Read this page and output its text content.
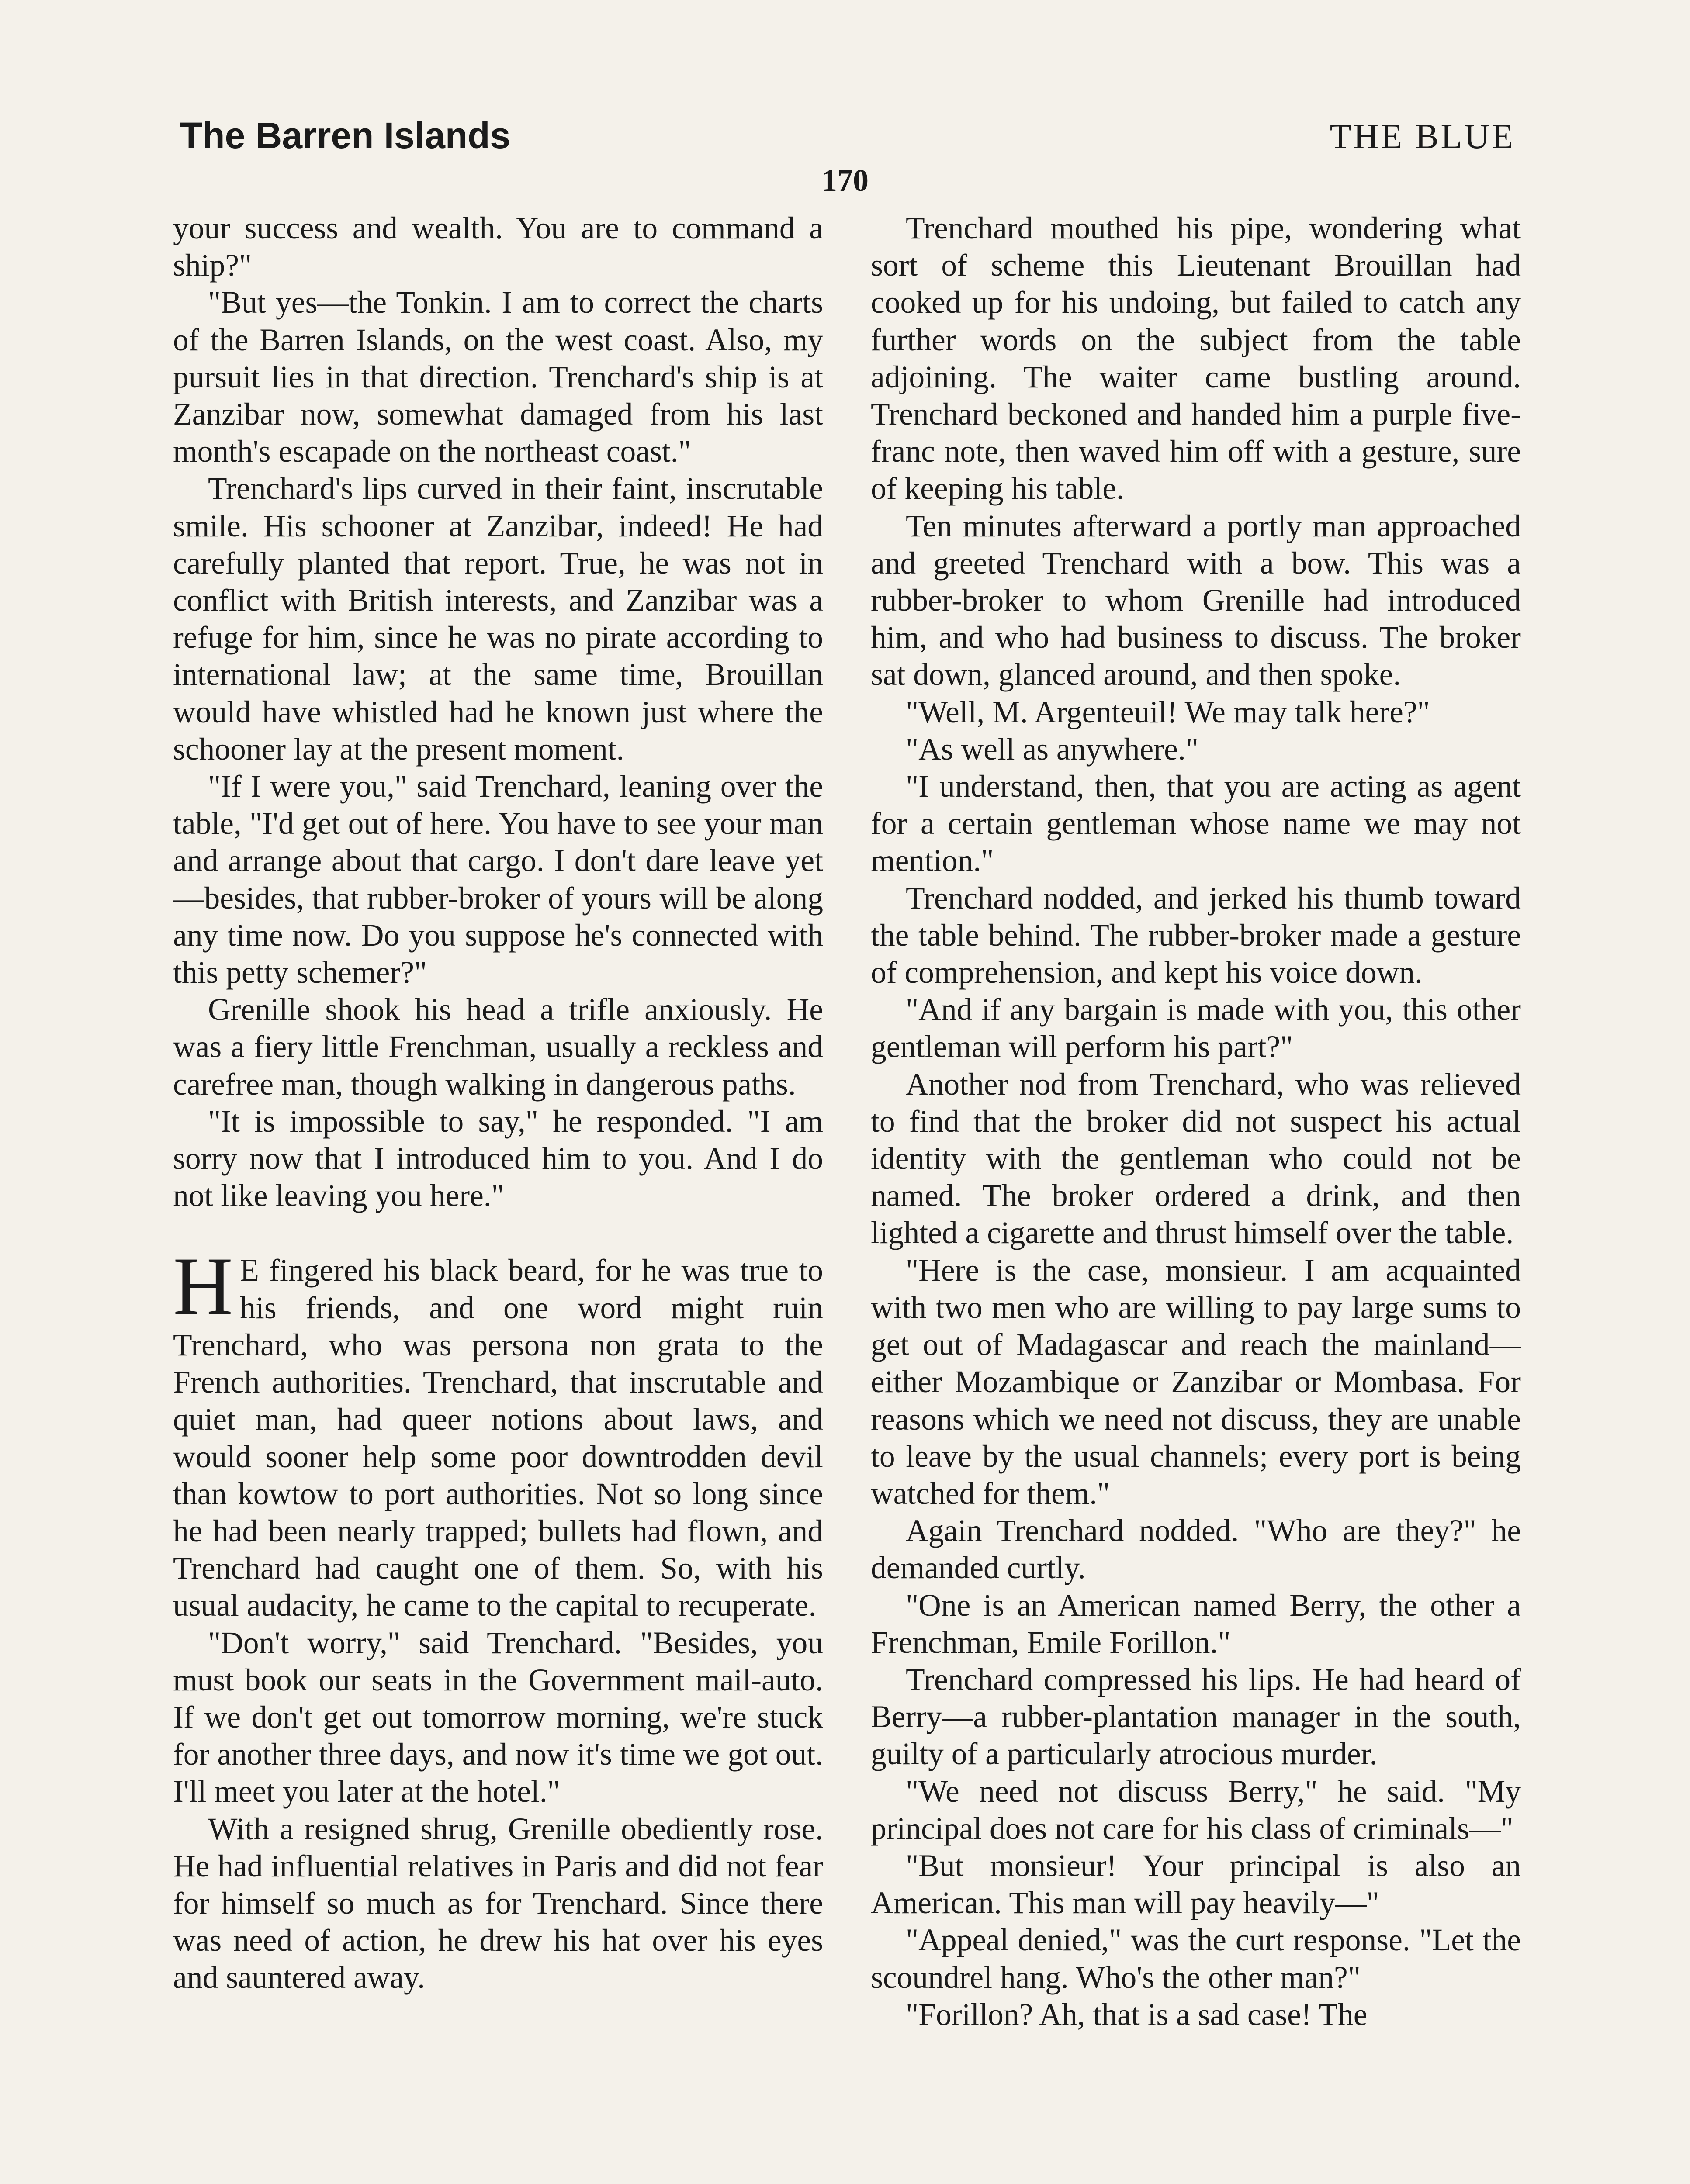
The Barren Islands	THE BLUE
170

your success and wealth. You are to command a ship?"

"But yes—the Tonkin. I am to correct the charts of the Barren Islands, on the west coast. Also, my pursuit lies in that direction. Trenchard's ship is at Zanzibar now, somewhat damaged from his last month's escapade on the northeast coast."

Trenchard's lips curved in their faint, inscrutable smile. His schooner at Zanzibar, indeed! He had carefully planted that report. True, he was not in conflict with British interests, and Zanzibar was a refuge for him, since he was no pirate according to international law; at the same time, Brouillan would have whistled had he known just where the schooner lay at the present moment.

"If I were you," said Trenchard, leaning over the table, "I'd get out of here. You have to see your man and arrange about that cargo. I don't dare leave yet—besides, that rubber-broker of yours will be along any time now. Do you suppose he's connected with this petty schemer?"

Grenille shook his head a trifle anxiously. He was a fiery little Frenchman, usually a reckless and carefree man, though walking in dangerous paths.

"It is impossible to say," he responded. "I am sorry now that I introduced him to you. And I do not like leaving you here."

H E fingered his black beard, for he was true to his friends, and one word might ruin Trenchard, who was persona non grata to the French authorities. Trenchard, that inscrutable and quiet man, had queer notions about laws, and would sooner help some poor downtrodden devil than kowtow to port authorities. Not so long since he had been nearly trapped; bullets had flown, and Trenchard had caught one of them. So, with his usual audacity, he came to the capital to recuperate.

"Don't worry," said Trenchard. "Besides, you must book our seats in the Government mail-auto. If we don't get out tomorrow morning, we're stuck for another three days, and now it's time we got out. I'll meet you later at the hotel."

With a resigned shrug, Grenille obediently rose. He had influential relatives in Paris and did not fear for himself so much as for Trenchard. Since there was need of action, he drew his hat over his eyes and sauntered away.

Trenchard mouthed his pipe, wondering what sort of scheme this Lieutenant Brouillan had cooked up for his undoing, but failed to catch any further words on the subject from the table adjoining. The waiter came bustling around. Trenchard beckoned and handed him a purple five-franc note, then waved him off with a gesture, sure of keeping his table.

Ten minutes afterward a portly man approached and greeted Trenchard with a bow. This was a rubber-broker to whom Grenille had introduced him, and who had business to discuss. The broker sat down, glanced around, and then spoke.

"Well, M. Argenteuil! We may talk here?"

"As well as anywhere."

"I understand, then, that you are acting as agent for a certain gentleman whose name we may not mention."

Trenchard nodded, and jerked his thumb toward the table behind. The rubber-broker made a gesture of comprehension, and kept his voice down.

"And if any bargain is made with you, this other gentleman will perform his part?"

Another nod from Trenchard, who was relieved to find that the broker did not suspect his actual identity with the gentleman who could not be named. The broker ordered a drink, and then lighted a cigarette and thrust himself over the table.

"Here is the case, monsieur. I am acquainted with two men who are willing to pay large sums to get out of Madagascar and reach the mainland—either Mozambique or Zanzibar or Mombasa. For reasons which we need not discuss, they are unable to leave by the usual channels; every port is being watched for them."

Again Trenchard nodded. "Who are they?" he demanded curtly.

"One is an American named Berry, the other a Frenchman, Emile Forillon."

Trenchard compressed his lips. He had heard of Berry—a rubber-plantation manager in the south, guilty of a particularly atrocious murder.

"We need not discuss Berry," he said. "My principal does not care for his class of criminals—"

"But monsieur! Your principal is also an American. This man will pay heavily—"

"Appeal denied," was the curt response. "Let the scoundrel hang. Who's the other man?"

"Forillon? Ah, that is a sad case! The
